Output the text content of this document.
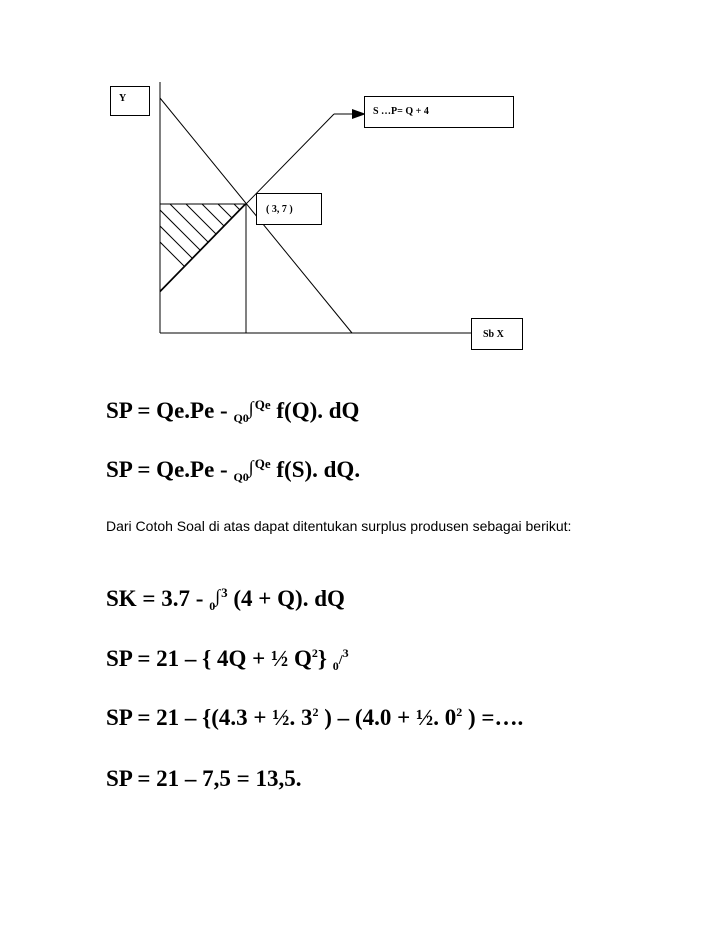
Y
S …P= Q + 4
( 3, 7 )
Sb X

SP = Qe.Pe - $_{Q0}$∫$^{Qe}$ f(Q). dQ

SP = Qe.Pe - $_{Q0}$∫$^{Qe}$ f(S). dQ.

Dari Cotoh Soal di atas dapat ditentukan surplus produsen sebagai berikut:

SK = 3.7 - $_0$∫$^3$ (4 + Q). dQ

SP = 21 – { 4Q + ½ $Q^2$} $_0$/$^3$

SP = 21 – {(4.3 + ½. $3^2$ ) – (4.0 + ½. $0^2$ ) =….

SP = 21 – 7,5 = 13,5.
